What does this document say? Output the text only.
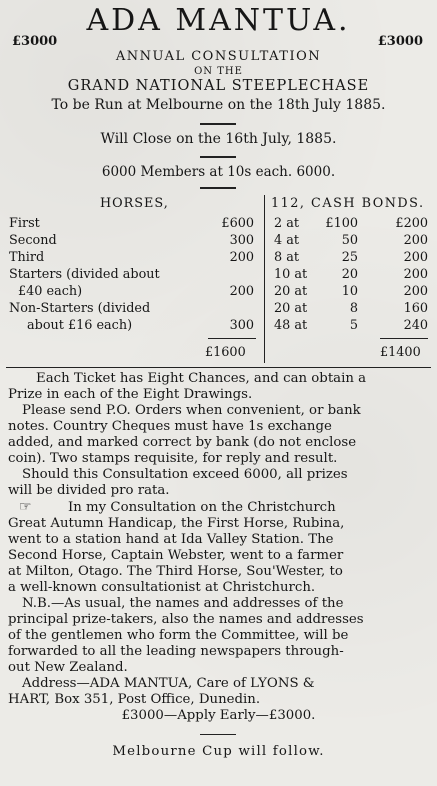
ADA MANTUA.
£3000	£3000
ANNUAL CONSULTATION
ON THE
GRAND NATIONAL STEEPLECHASE
To be Run at Melbourne on the 18th July 1885.
Will Close on the 16th July, 1885.
6000 Members at 10s each. 6000.
HORSES,	112, CASH BONDS.
First	£600 2 at	£100	£200
Second	300 4 at	50	200
Third	200 8 at	25	200
Starters (divided about	10 at	20	200
£40 each)	200 20 at	10	200
Non-Starters (divided	20 at	8	160
about £16 each)	300 48 at	5	240
£1600	£1400
Each Ticket has Eight Chances, and can obtain a
Prize in each of the Eight Drawings.
Please send P.O. Orders when convenient, or bank
notes. Country Cheques must have 1s exchange
added, and marked correct by bank (do not enclose
coin). Two stamps requisite, for reply and result.
Should this Consultation exceed 6000, all prizes
will be divided pro rata.
☞	In my Consultation on the Christchurch
Great Autumn Handicap, the First Horse, Rubina,
went to a station hand at Ida Valley Station. The
Second Horse, Captain Webster, went to a farmer
at Milton, Otago. The Third Horse, Sou'Wester, to
a well-known consultationist at Christchurch.
N.B.—As usual, the names and addresses of the
principal prize-takers, also the names and addresses
of the gentlemen who form the Committee, will be
forwarded to all the leading newspapers through-
out New Zealand.
Address—ADA MANTUA, Care of LYONS &
HART, Box 351, Post Office, Dunedin.
£3000—Apply Early—£3000.
Melbourne Cup will follow.
